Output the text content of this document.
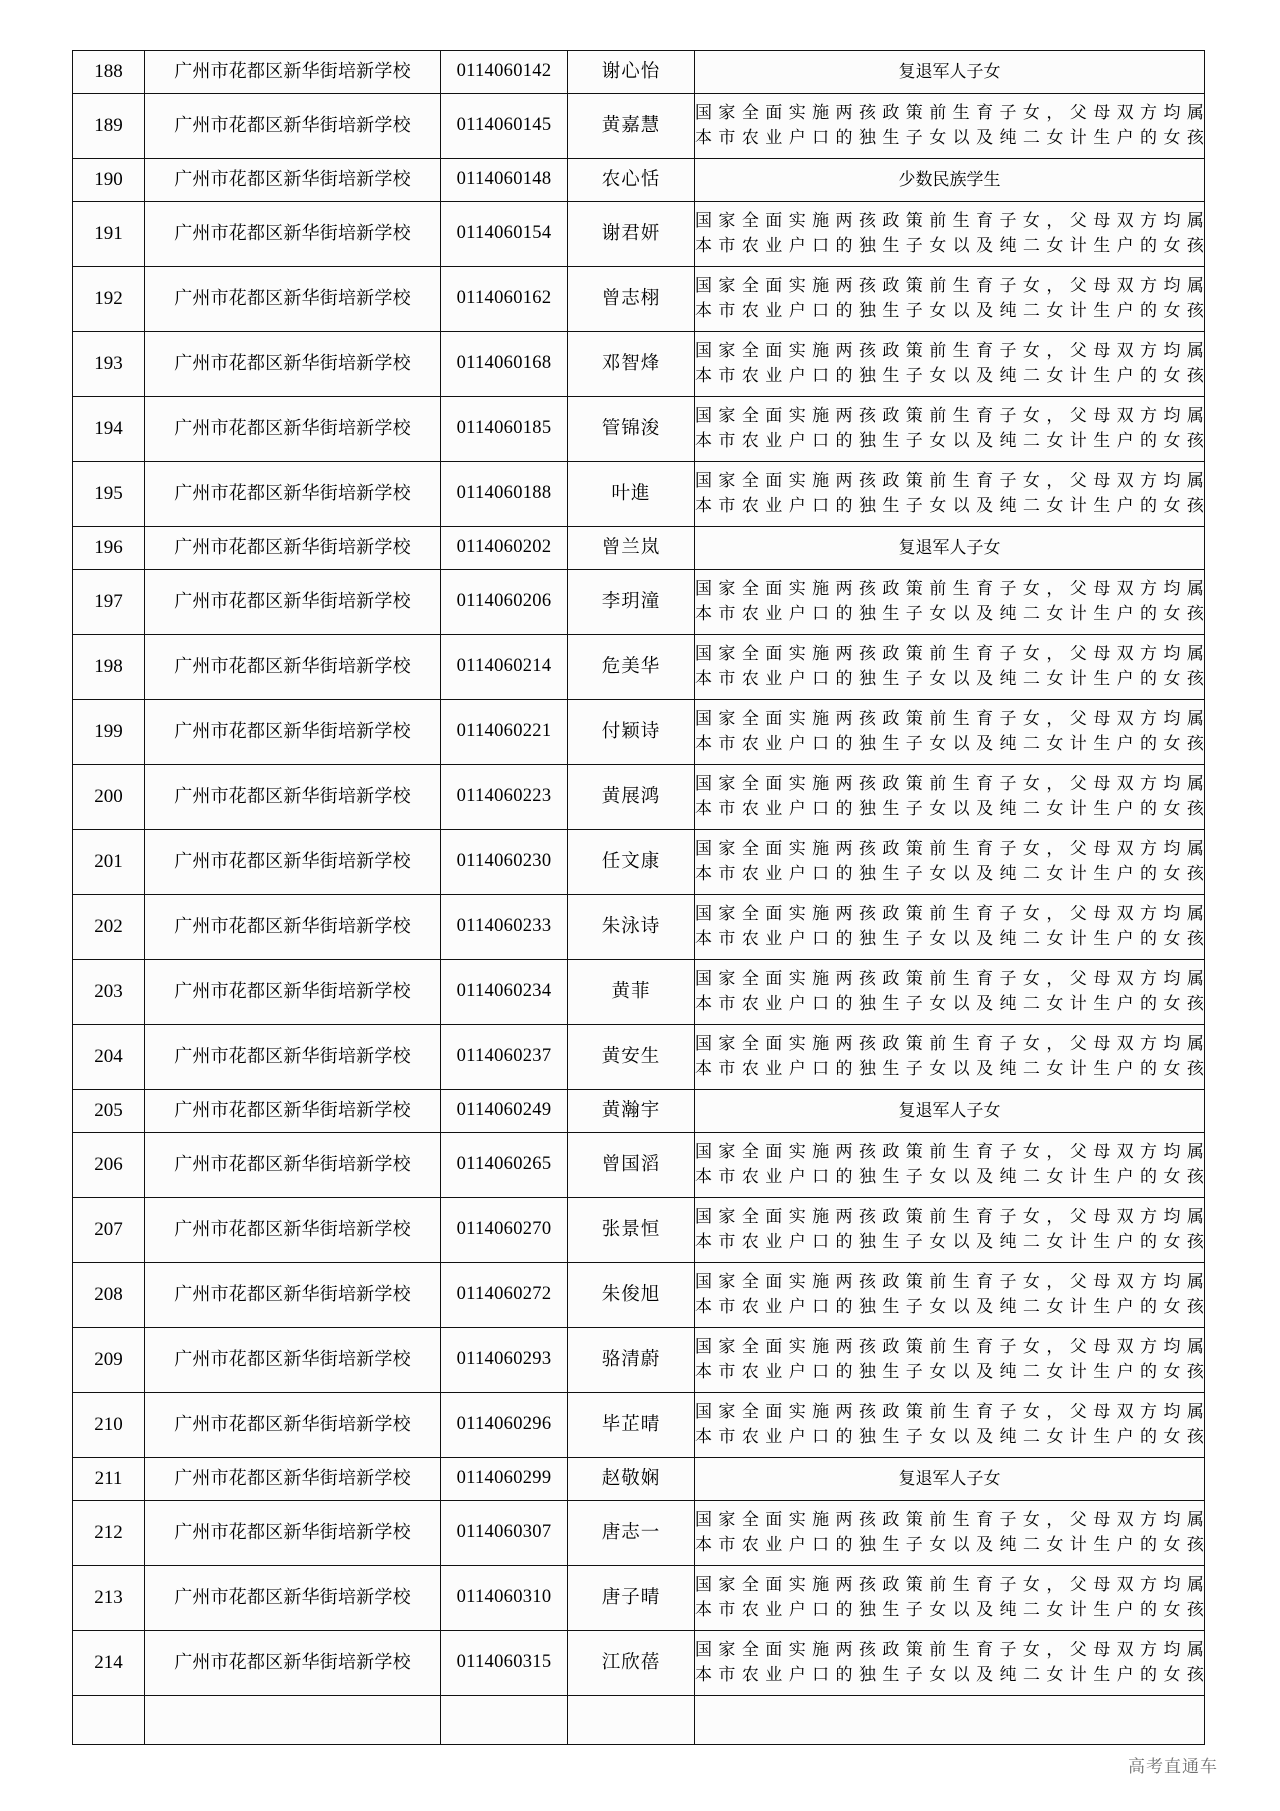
188	广州市花都区新华街培新学校	0114060142	谢心怡	复退军人子女
189	广州市花都区新华街培新学校	0114060145	黄嘉慧	国家全面实施两孩政策前生育子女，父母双方均属
本市农业户口的独生子女以及纯二女计生户的女孩

190	广州市花都区新华街培新学校	0114060148	农心恬	少数民族学生
191	广州市花都区新华街培新学校	0114060154	谢君妍	国家全面实施两孩政策前生育子女，父母双方均属
本市农业户口的独生子女以及纯二女计生户的女孩

192	广州市花都区新华街培新学校	0114060162	曾志栩	国家全面实施两孩政策前生育子女，父母双方均属
本市农业户口的独生子女以及纯二女计生户的女孩

193	广州市花都区新华街培新学校	0114060168	邓智烽	国家全面实施两孩政策前生育子女，父母双方均属
本市农业户口的独生子女以及纯二女计生户的女孩

194	广州市花都区新华街培新学校	0114060185	管锦浚	国家全面实施两孩政策前生育子女，父母双方均属
本市农业户口的独生子女以及纯二女计生户的女孩

195	广州市花都区新华街培新学校	0114060188	叶進	国家全面实施两孩政策前生育子女，父母双方均属
本市农业户口的独生子女以及纯二女计生户的女孩

196	广州市花都区新华街培新学校	0114060202	曾兰岚	复退军人子女
197	广州市花都区新华街培新学校	0114060206	李玥潼	国家全面实施两孩政策前生育子女，父母双方均属
本市农业户口的独生子女以及纯二女计生户的女孩

198	广州市花都区新华街培新学校	0114060214	危美华	国家全面实施两孩政策前生育子女，父母双方均属
本市农业户口的独生子女以及纯二女计生户的女孩

199	广州市花都区新华街培新学校	0114060221	付颖诗	国家全面实施两孩政策前生育子女，父母双方均属
本市农业户口的独生子女以及纯二女计生户的女孩

200	广州市花都区新华街培新学校	0114060223	黄展鸿	国家全面实施两孩政策前生育子女，父母双方均属
本市农业户口的独生子女以及纯二女计生户的女孩

201	广州市花都区新华街培新学校	0114060230	任文康	国家全面实施两孩政策前生育子女，父母双方均属
本市农业户口的独生子女以及纯二女计生户的女孩

202	广州市花都区新华街培新学校	0114060233	朱泳诗	国家全面实施两孩政策前生育子女，父母双方均属
本市农业户口的独生子女以及纯二女计生户的女孩

203	广州市花都区新华街培新学校	0114060234	黄菲	国家全面实施两孩政策前生育子女，父母双方均属
本市农业户口的独生子女以及纯二女计生户的女孩

204	广州市花都区新华街培新学校	0114060237	黄安生	国家全面实施两孩政策前生育子女，父母双方均属
本市农业户口的独生子女以及纯二女计生户的女孩

205	广州市花都区新华街培新学校	0114060249	黄瀚宇	复退军人子女
206	广州市花都区新华街培新学校	0114060265	曾国滔	国家全面实施两孩政策前生育子女，父母双方均属
本市农业户口的独生子女以及纯二女计生户的女孩

207	广州市花都区新华街培新学校	0114060270	张景恒	国家全面实施两孩政策前生育子女，父母双方均属
本市农业户口的独生子女以及纯二女计生户的女孩

208	广州市花都区新华街培新学校	0114060272	朱俊旭	国家全面实施两孩政策前生育子女，父母双方均属
本市农业户口的独生子女以及纯二女计生户的女孩

209	广州市花都区新华街培新学校	0114060293	骆清蔚	国家全面实施两孩政策前生育子女，父母双方均属
本市农业户口的独生子女以及纯二女计生户的女孩

210	广州市花都区新华街培新学校	0114060296	毕芷晴	国家全面实施两孩政策前生育子女，父母双方均属
本市农业户口的独生子女以及纯二女计生户的女孩

211	广州市花都区新华街培新学校	0114060299	赵敬娴	复退军人子女
212	广州市花都区新华街培新学校	0114060307	唐志一	国家全面实施两孩政策前生育子女，父母双方均属
本市农业户口的独生子女以及纯二女计生户的女孩

213	广州市花都区新华街培新学校	0114060310	唐子晴	国家全面实施两孩政策前生育子女，父母双方均属
本市农业户口的独生子女以及纯二女计生户的女孩

214	广州市花都区新华街培新学校	0114060315	江欣蓓	国家全面实施两孩政策前生育子女，父母双方均属
本市农业户口的独生子女以及纯二女计生户的女孩

高考直通车
